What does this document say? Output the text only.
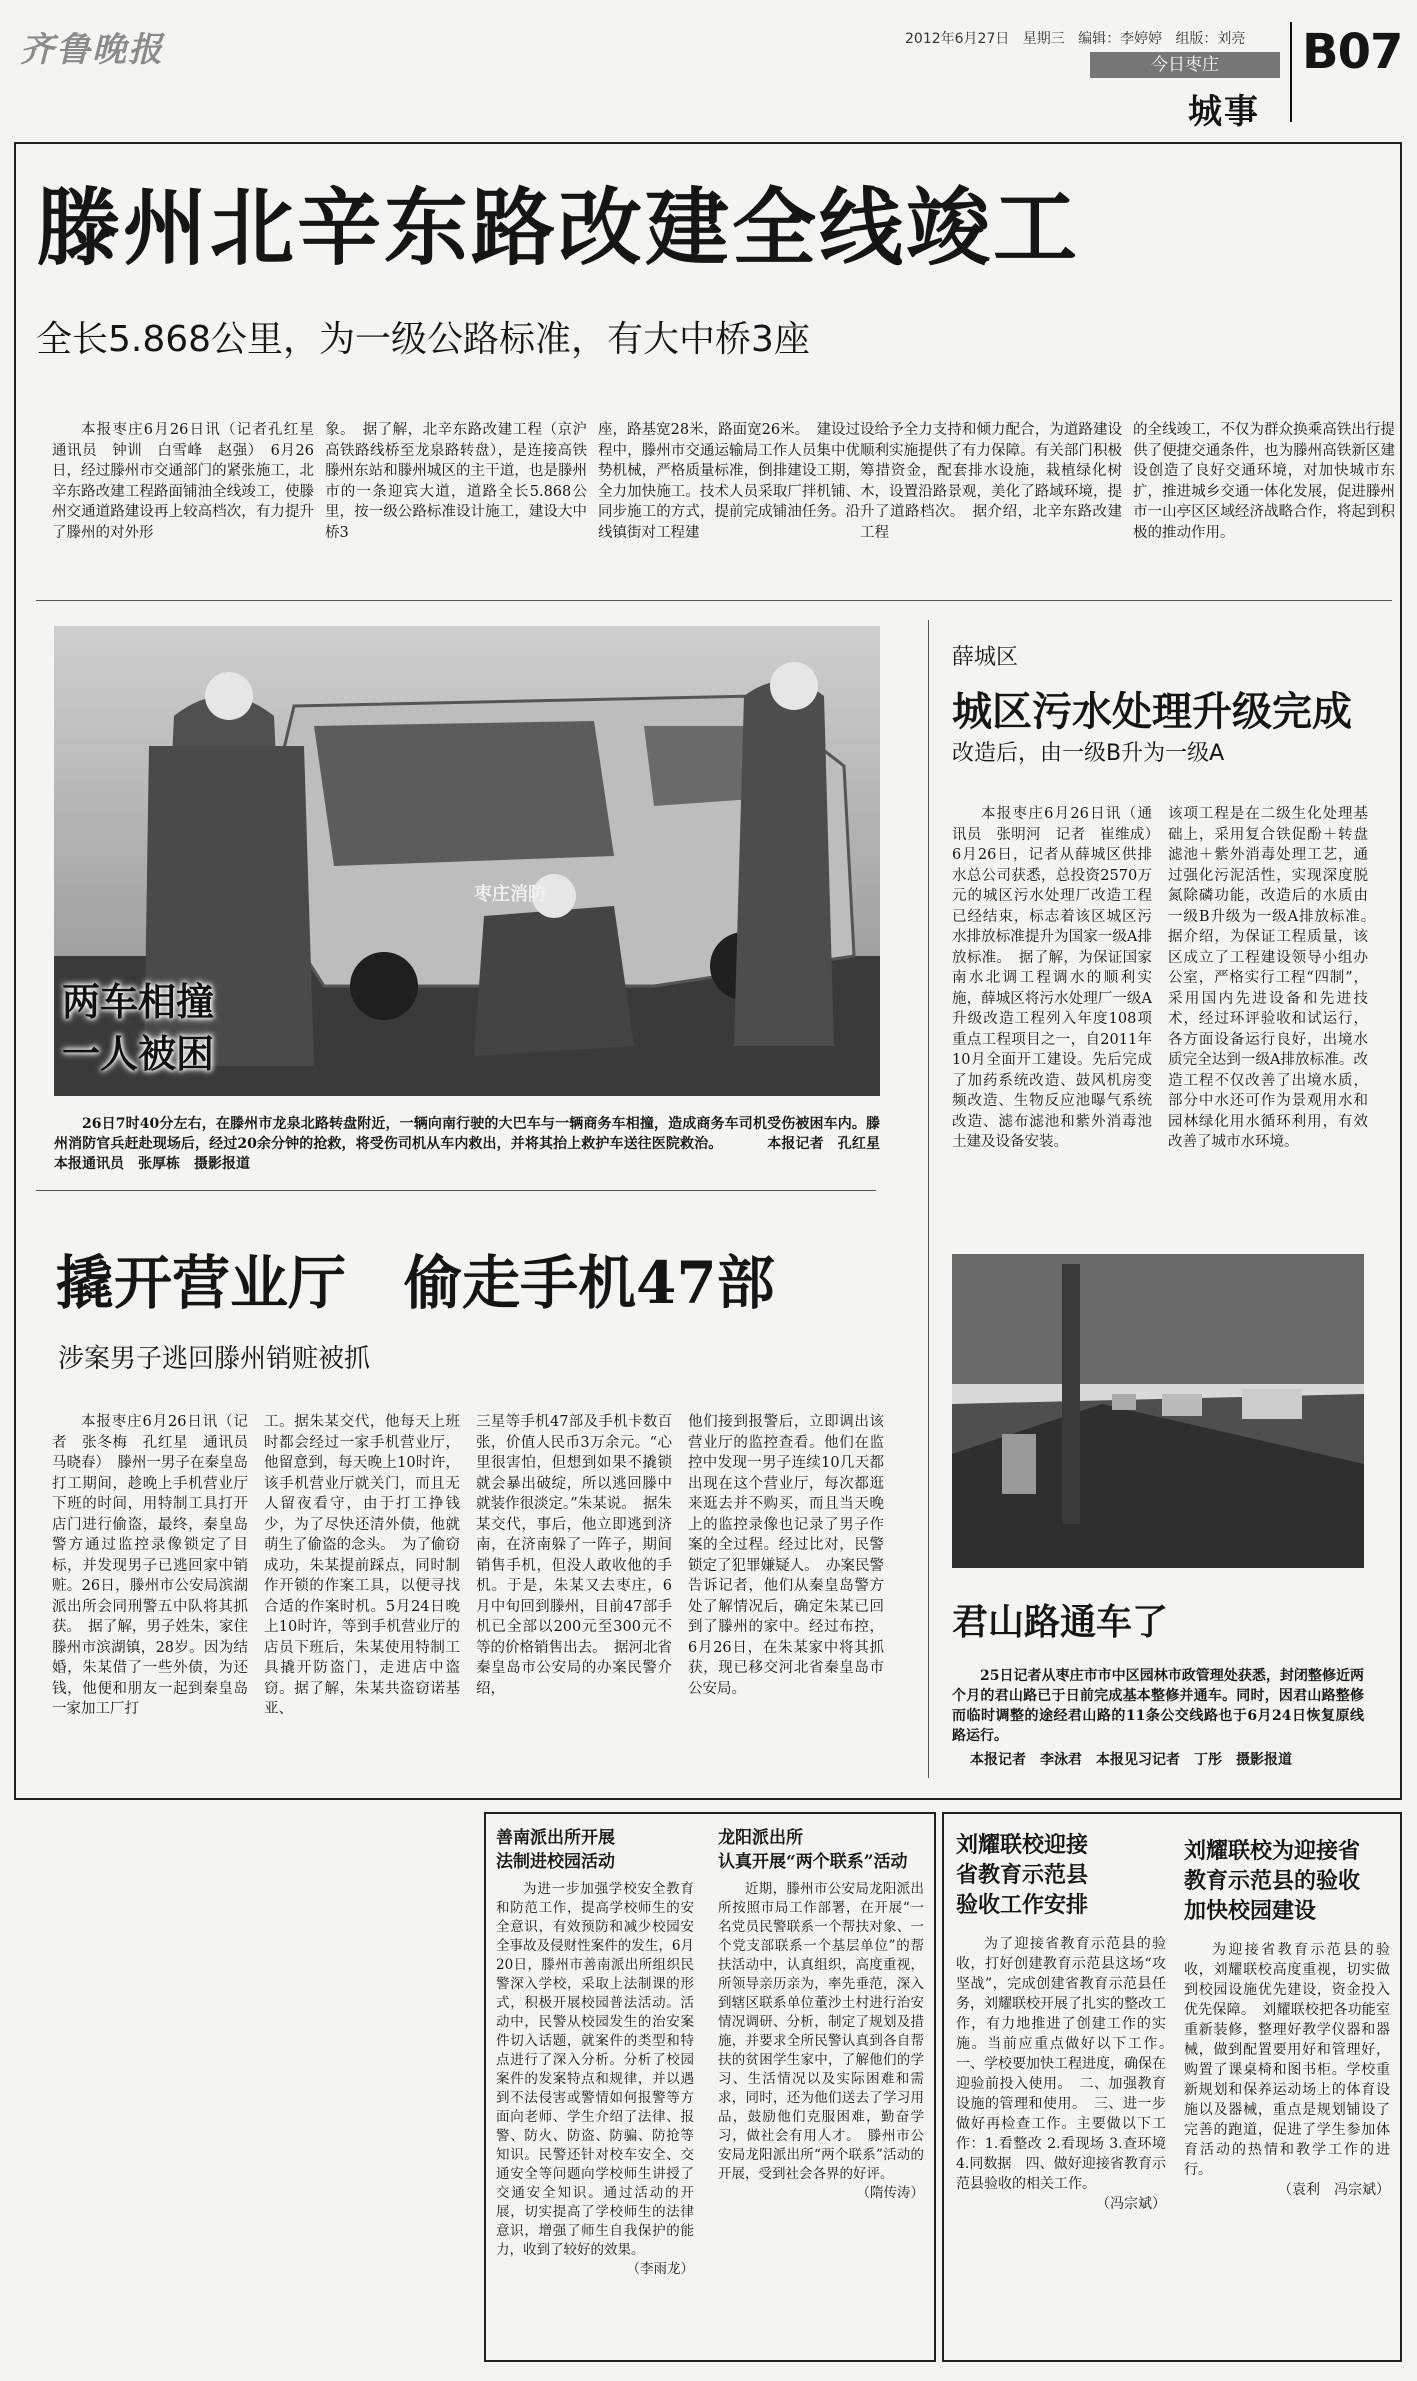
齐鲁晚报	2012年6月27日 星期三 编辑：李婷婷 组版：刘亮
今日枣庄
城事
B07
滕州北辛东路改建全线竣工
全长5.868公里，为一级公路标准，有大中桥3座

本报枣庄6月26日讯（记者孔红星　通讯员　钟训　白雪峰　赵强）　6月26日，经过滕州市交通部门的紧张施工，北辛东路改建工程路面铺油全线竣工，使滕州交通道路建设再上较高档次，有力提升了滕州的对外形

象。　据了解，北辛东路改建工程（京沪高铁路线桥至龙泉路转盘），是连接高铁滕州东站和滕州城区的主干道，也是滕州市的一条迎宾大道，道路全长5.868公里，按一级公路标准设计施工，建设大中桥3

座，路基宽28米，路面宽26米。　建设过程中，滕州市交通运输局工作人员集中优势机械，严格质量标准，倒排建设工期，全力加快施工。技术人员采取厂拌机铺、同步施工的方式，提前完成铺油任务。沿线镇街对工程建

设给予全力支持和倾力配合，为道路建设顺利实施提供了有力保障。有关部门积极筹措资金，配套排水设施，栽植绿化树木，设置沿路景观，美化了路域环境，提升了道路档次。　据介绍，北辛东路改建工程

的全线竣工，不仅为群众换乘高铁出行提供了便捷交通条件，也为滕州高铁新区建设创造了良好交通环境，对加快城市东扩，推进城乡交通一体化发展，促进滕州市一山亭区区域经济战略合作，将起到积极的推动作用。

枣庄消防
两车相撞
一人被困
26日7时40分左右，在滕州市龙泉北路转盘附近，一辆向南行驶的大巴车与一辆商务车相撞，造成商务车司机受伤被困车内。滕州消防官兵赶赴现场后，经过20余分钟的抢救，将受伤司机从车内救出，并将其抬上救护车送往医院救治。	本报记者　孔红星　本报通讯员　张厚栋　摄影报道
撬开营业厅　偷走手机47部
涉案男子逃回滕州销赃被抓

本报枣庄6月26日讯（记者　张冬梅　孔红星　通讯员　马晓春）　滕州一男子在秦皇岛打工期间，趁晚上手机营业厅下班的时间，用特制工具打开店门进行偷盗，最终，秦皇岛警方通过监控录像锁定了目标，并发现男子已逃回家中销赃。26日，滕州市公安局滨湖派出所会同刑警五中队将其抓获。　据了解，男子姓朱，家住滕州市滨湖镇，28岁。因为结婚，朱某借了一些外债，为还钱，他便和朋友一起到秦皇岛一家加工厂打

工。据朱某交代，他每天上班时都会经过一家手机营业厅，他留意到，每天晚上10时许，该手机营业厅就关门，而且无人留夜看守，由于打工挣钱少，为了尽快还清外债，他就萌生了偷盗的念头。　为了偷窃成功，朱某提前踩点，同时制作开锁的作案工具，以便寻找合适的作案时机。5月24日晚上10时许，等到手机营业厅的店员下班后，朱某使用特制工具撬开防盗门，走进店中盗窃。据了解，朱某共盗窃诺基亚、

三星等手机47部及手机卡数百张，价值人民币3万余元。“心里很害怕，但想到如果不撬锁就会暴出破绽，所以逃回滕中就装作很淡定。”朱某说。　据朱某交代，事后，他立即逃到济南，在济南躲了一阵子，期间销售手机，但没人敢收他的手机。于是，朱某又去枣庄，6月中旬回到滕州，目前47部手机已全部以200元至300元不等的价格销售出去。　据河北省秦皇岛市公安局的办案民警介绍，

他们接到报警后，立即调出该营业厅的监控查看。他们在监控中发现一男子连续10几天都出现在这个营业厅，每次都逛来逛去并不购买，而且当天晚上的监控录像也记录了男子作案的全过程。经过比对，民警锁定了犯罪嫌疑人。　办案民警告诉记者，他们从秦皇岛警方处了解情况后，确定朱某已回到了滕州的家中。经过布控，6月26日，在朱某家中将其抓获，现已移交河北省秦皇岛市公安局。

薛城区
城区污水处理升级完成
改造后，由一级B升为一级A

本报枣庄6月26日讯（通讯员　张明河　记者　崔维成）　6月26日，记者从薛城区供排水总公司获悉，总投资2570万元的城区污水处理厂改造工程已经结束，标志着该区城区污水排放标准提升为国家一级A排放标准。　据了解，为保证国家南水北调工程调水的顺利实施，薛城区将污水处理厂一级A升级改造工程列入年度108项重点工程项目之一，自2011年10月全面开工建设。先后完成了加药系统改造、鼓风机房变频改造、生物反应池曝气系统改造、滤布滤池和紫外消毒池土建及设备安装。

该项工程是在二级生化处理基础上，采用复合铁促酚＋转盘滤池＋紫外消毒处理工艺，通过强化污泥活性，实现深度脱氮除磷功能，改造后的水质由一级B升级为一级A排放标准。　据介绍，为保证工程质量，该区成立了工程建设领导小组办公室，严格实行工程“四制”，采用国内先进设备和先进技术，经过环评验收和试运行，各方面设备运行良好，出境水质完全达到一级A排放标准。改造工程不仅改善了出境水质，部分中水还可作为景观用水和园林绿化用水循环利用，有效改善了城市水环境。

君山路通车了
25日记者从枣庄市市中区园林市政管理处获悉，封闭整修近两个月的君山路已于日前完成基本整修并通车。同时，因君山路整修而临时调整的途经君山路的11条公交线路也于6月24日恢复原线路运行。
本报记者　李泳君　本报见习记者　丁彤　摄影报道
善南派出所开展
法制进校园活动

为进一步加强学校安全教育和防范工作，提高学校师生的安全意识，有效预防和减少校园安全事故及侵财性案件的发生，6月20日，滕州市善南派出所组织民警深入学校，采取上法制课的形式，积极开展校园普法活动。活动中，民警从校园发生的治安案件切入话题，就案件的类型和特点进行了深入分析。分析了校园案件的发案特点和规律，并以遇到不法侵害或警情如何报警等方面向老师、学生介绍了法律、报警、防火、防盗、防骗、防抢等知识。民警还针对校车安全、交通安全等问题向学校师生讲授了交通安全知识。通过活动的开展，切实提高了学校师生的法律意识，增强了师生自我保护的能力，收到了较好的效果。

（李雨龙）
龙阳派出所
认真开展“两个联系”活动

近期，滕州市公安局龙阳派出所按照市局工作部署，在开展“一名党员民警联系一个帮扶对象、一个党支部联系一个基层单位”的帮扶活动中，认真组织，高度重视，所领导亲历亲为，率先垂范，深入到辖区联系单位董沙土村进行治安情况调研、分析，制定了规划及措施，并要求全所民警认真到各自帮扶的贫困学生家中，了解他们的学习、生活情况以及实际困难和需求，同时，还为他们送去了学习用品，鼓励他们克服困难，勤奋学习，做社会有用人才。　滕州市公安局龙阳派出所“两个联系”活动的开展，受到社会各界的好评。

（隋传涛）
刘耀联校迎接
省教育示范县
验收工作安排

为了迎接省教育示范县的验收，打好创建教育示范县这场“攻坚战”，完成创建省教育示范县任务，刘耀联校开展了扎实的整改工作，有力地推进了创建工作的实施。当前应重点做好以下工作。　一、学校要加快工程进度，确保在迎验前投入使用。　二、加强教育设施的管理和使用。　三、进一步做好再检查工作。主要做以下工作：1.看整改 2.看现场 3.查环境 4.同数据　四、做好迎接省教育示范县验收的相关工作。

（冯宗斌）
刘耀联校为迎接省
教育示范县的验收
加快校园建设

为迎接省教育示范县的验收，刘耀联校高度重视，切实做到校园设施优先建设，资金投入优先保障。　刘耀联校把各功能室重新装修，整理好教学仪器和器械，做到配置要用好和管理好，购置了课桌椅和图书柜。学校重新规划和保养运动场上的体育设施以及器械，重点是规划铺设了完善的跑道，促进了学生参加体育活动的热情和教学工作的进行。

（袁利　冯宗斌）
